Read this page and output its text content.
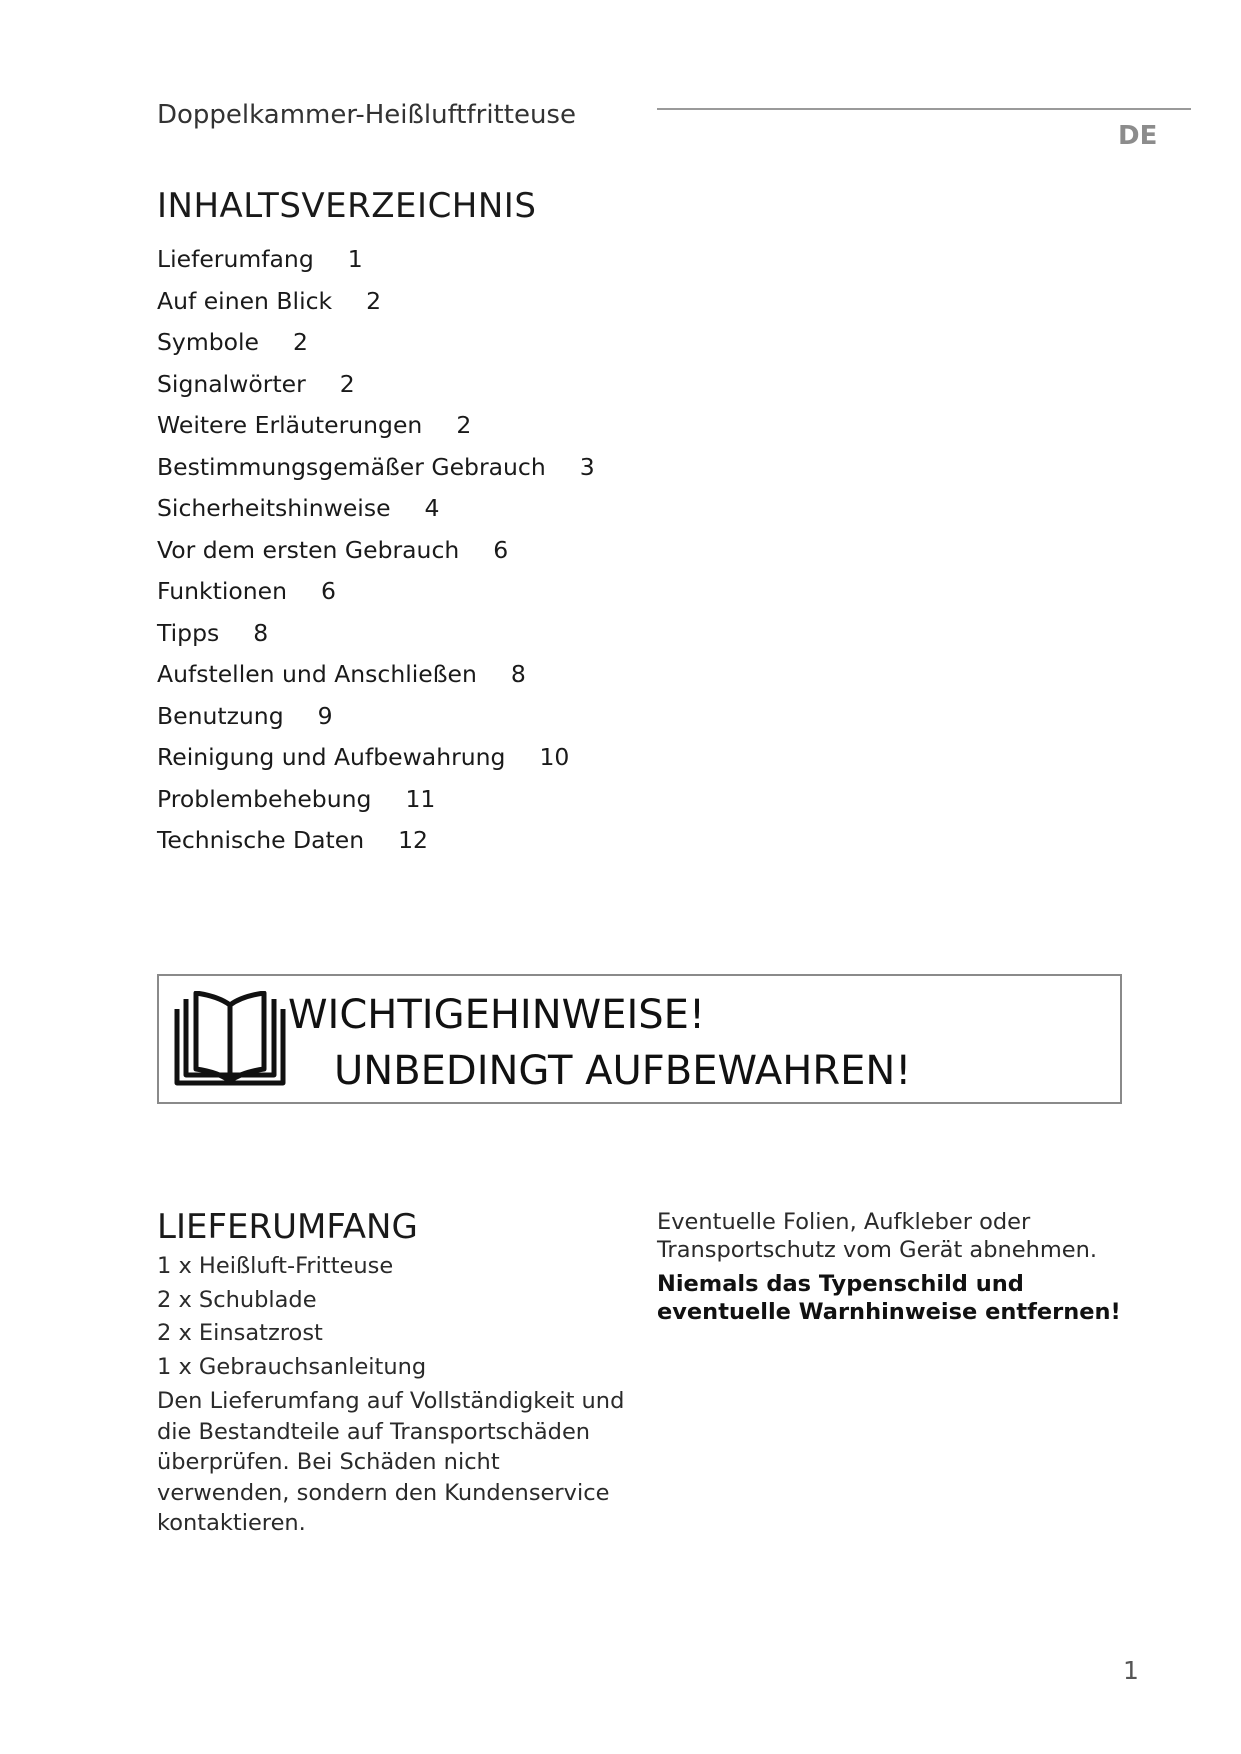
Doppelkammer-Heißluftfritteuse
DE
INHALTSVERZEICHNIS
Lieferumfang 1
Auf einen Blick 2
Symbole 2
Signalwörter 2
Weitere Erläuterungen 2
Bestimmungsgemäßer Gebrauch 3
Sicherheitshinweise 4
Vor dem ersten Gebrauch 6
Funktionen 6
Tipps 8
Aufstellen und Anschließen 8
Benutzung 9
Reinigung und Aufbewahrung 10
Problembehebung 11
Technische Daten 12
WICHTIGEHINWEISE!
UNBEDINGT AUFBEWAHREN!
LIEFERUMFANG
1 x Heißluft-Fritteuse
2 x Schublade
2 x Einsatzrost
1 x Gebrauchsanleitung

Den Lieferumfang auf Vollständigkeit und die Bestandteile auf Transportschäden überprüfen. Bei Schäden nicht verwenden, sondern den Kundenservice kontaktieren.

Eventuelle Folien, Aufkleber oder Transportschutz vom Gerät abnehmen.

Niemals das Typenschild und eventuelle Warnhinweise entfernen!

1
